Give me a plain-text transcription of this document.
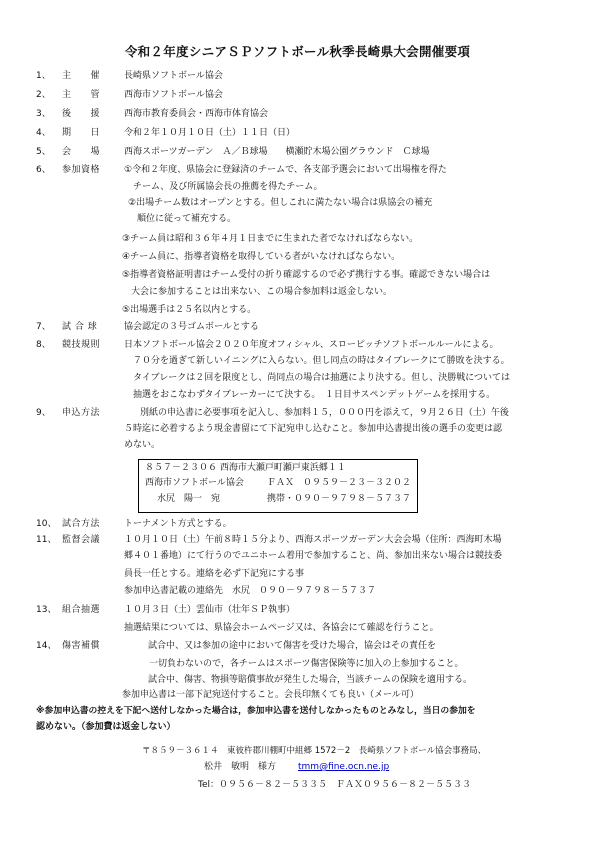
令和２年度シニアＳＰソフトボール秋季長崎県大会開催要項
1、 主　　催	長崎県ソフトボール協会
2、 主　　管	西海市ソフトボール協会
3、 後　　援	西海市教育委員会・西海市体育協会
4、 期　　日	令和２年１０月１０日（土）１１日（日）
5、 会　　場	西海スポーツガーデン　Ａ／Ｂ球場　　横瀬貯木場公園グラウンド　Ｃ球場
6、 参加資格	①令和２年度、県協会に登録済のチームで、各支部予選会において出場権を得た
　チーム、及び所属協会長の推薦を得たチーム。
②出場チーム数はオープンとする。但しこれに満たない場合は県協会の補充
　順位に従って補充する。
③チーム員は昭和３６年４月１日までに生まれた者でなければならない。
④チーム員に、指導者資格を取得している者がいなければならない。
⑤指導者資格証明書はチーム受付の折り確認するので必ず携行する事。確認できない場合は
　大会に参加することは出来ない、この場合参加料は返金しない。
⑤出場選手は２５名以内とする。
7、 試 合 球	協会認定の３号ゴムボールとする
8、 競技規則	日本ソフトボール協会２０２０年度オフィシャル、スローピッチソフトボールルールによる。
　７０分を過ぎて新しいイニングに入らない。但し同点の時はタイブレークにて勝敗を決する。
　タイブレークは２回を限度とし、尚同点の場合は抽選により決する。但し、決勝戦については
　抽選をおこなわずタイブレーカーにて決する。　１日目サスペンデットゲームを採用する。
9、 申込方法	別紙の申込書に必要事項を記入し、参加料１５，０００円を添えて，９月２６日（土）午後
５時迄に必着するよう現金書留にて下記宛申し込むこと。参加申込書提出後の選手の変更は認
めない。
10、 試合方法	トーナメント方式とする。
11、 監督会議	１０月１０日（土）午前８時１５分より、西海スポーツガーデン大会会場（住所：西海町木場
郷４０１番地）にて行うのでユニホーム着用で参加すること、尚、参加出来ない場合は競技委
員長一任とする。連絡を必ず下記宛にする事
参加申込書記載の連絡先　水尻　０９０－９７９８－５７３７
13、 組合抽選	１０月３日（土）雲仙市（壮年ＳＰ執事）
抽選結果については、県協会ホームページ又は、各協会にて確認を行うこと。
14、 傷害補償	試合中、又は参加の途中において傷害を受けた場合，協会はその責任を
　一切負わないので，各チームはスポーツ傷害保険等に加入の上参加すること。
試合中、傷害、物損等賠償事故が発生した場合，当該チームの保険を適用する。
８５７－２３０６ 西海市大瀬戸町瀬戸東浜郷１１
西海市ソフトボール協会	ＦＡＸ　０９５９－２３－３２０２
水尻　陽一　宛	携帯・０９０－９７９８－５７３７
参加申込書は一部下記宛送付すること。会長印無くても良い（メール可）
※参加申込書の控えを下記へ送付しなかった場合は，参加申込書を送付しなかったものとみなし，当日の参加を
認めない。（参加費は返金しない）
〒８５９－３６１４　東彼杵郡川棚町中組郷 1572－2　長崎県ソフトボール協会事務局、
松井　敏明　様方 tmm@fine.ocn.ne.jp
Tel：０９５６－８２－５３３５　ＦＡＸ０９５６－８２－５５３３
